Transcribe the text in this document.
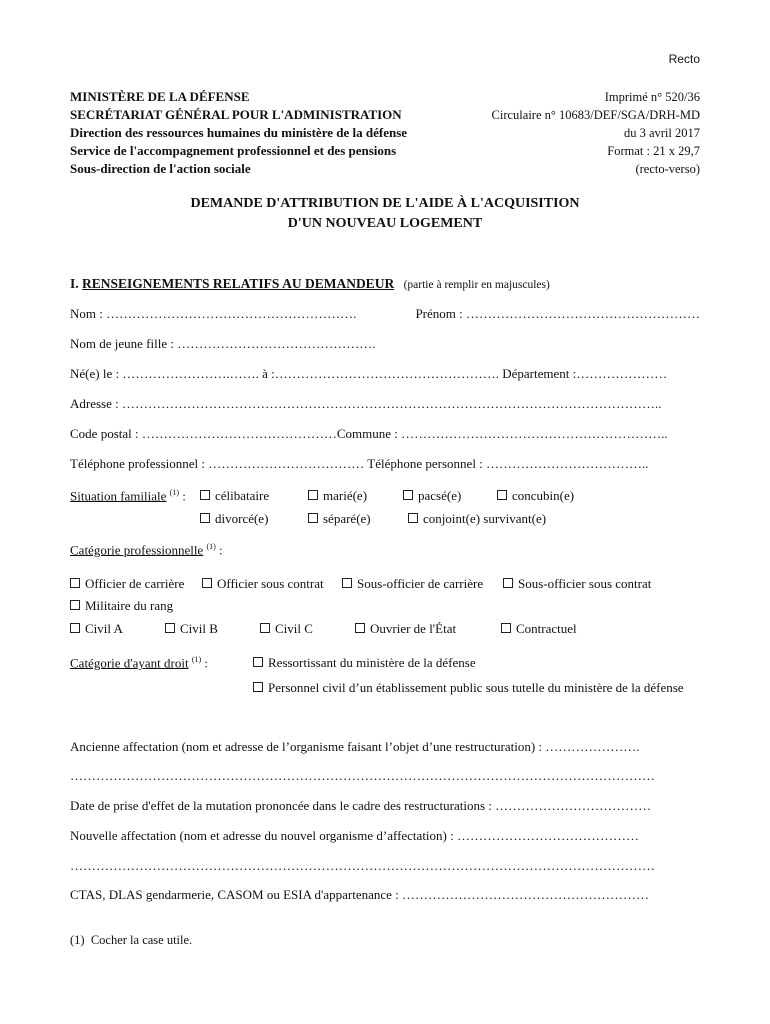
Recto
MINISTÈRE DE LA DÉFENSE
SECRÉTARIAT GÉNÉRAL POUR L'ADMINISTRATION
Direction des ressources humaines du ministère de la défense
Service de l'accompagnement professionnel et des pensions
Sous-direction de l'action sociale
Imprimé n° 520/36
Circulaire n° 10683/DEF/SGA/DRH-MD
du 3 avril 2017
Format : 21 x 29,7
(recto-verso)
DEMANDE D'ATTRIBUTION DE L'AIDE À L'ACQUISITION
D'UN NOUVEAU LOGEMENT
I. RENSEIGNEMENTS RELATIFS AU DEMANDEUR (partie à remplir en majuscules)
Nom : ………………………………………………….	Prénom : ………………………………………………
Nom de jeune fille : ……………………………………….
Né(e) le : …………………….……. à :……………………………………………. Département :…………………
Adresse : ……………………………………………………………………………………………………………..
Code postal : ………………………………………Commune : ……………………………………………………..
Téléphone professionnel : ……………………………… Téléphone personnel : ………………………………..
Situation familiale $^{(1)}$ :	célibataire	marié(e)	pacsé(e)	concubin(e)
divorcé(e)	séparé(e)	conjoint(e) survivant(e)
Catégorie professionnelle $^{(1)}$ :
Officier de carrière	Officier sous contrat	Sous-officier de carrière	Sous-officier sous contrat
Militaire du rang
Civil A	Civil B	Civil C	Ouvrier de l'État	Contractuel
Catégorie d'ayant droit $^{(1)}$ :	Ressortissant du ministère de la défense
Personnel civil d’un établissement public sous tutelle du ministère de la défense
Ancienne affectation (nom et adresse de l’organisme faisant l’objet d’une restructuration) : ………………….
………………………………………………………………………………………………………………………
Date de prise d'effet de la mutation prononcée dans le cadre des restructurations : ………………………………
Nouvelle affectation (nom et adresse du nouvel organisme d’affectation) : ……………………………………
………………………………………………………………………………………………………………………
CTAS, DLAS gendarmerie, CASOM ou ESIA d'appartenance : …………………………………………………
(1) Cocher la case utile.
